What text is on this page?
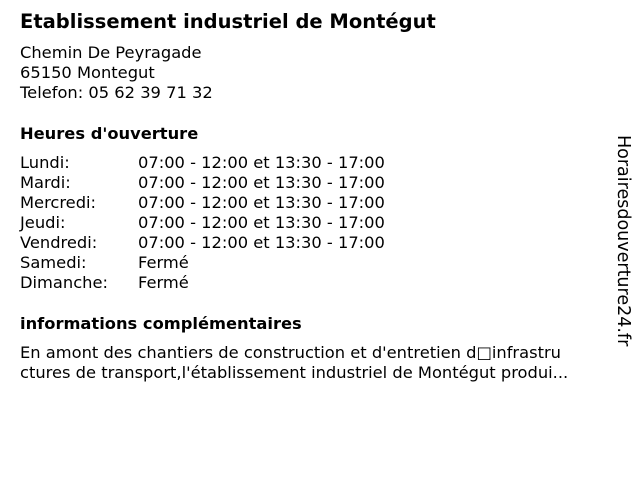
Etablissement industriel de Montégut
Chemin De Peyragade
65150 Montegut
Telefon: 05 62 39 71 32
Heures d'ouverture
Lundi:	07:00 - 12:00 et 13:30 - 17:00
Mardi:	07:00 - 12:00 et 13:30 - 17:00
Mercredi:	07:00 - 12:00 et 13:30 - 17:00
Jeudi:	07:00 - 12:00 et 13:30 - 17:00
Vendredi:	07:00 - 12:00 et 13:30 - 17:00
Samedi:	Fermé
Dimanche: Fermé
informations complémentaires
En amont des chantiers de construction et d'entretien d□infrastru
ctures de transport,l'établissement industriel de Montégut produi...
Horairesdouverture24.fr
